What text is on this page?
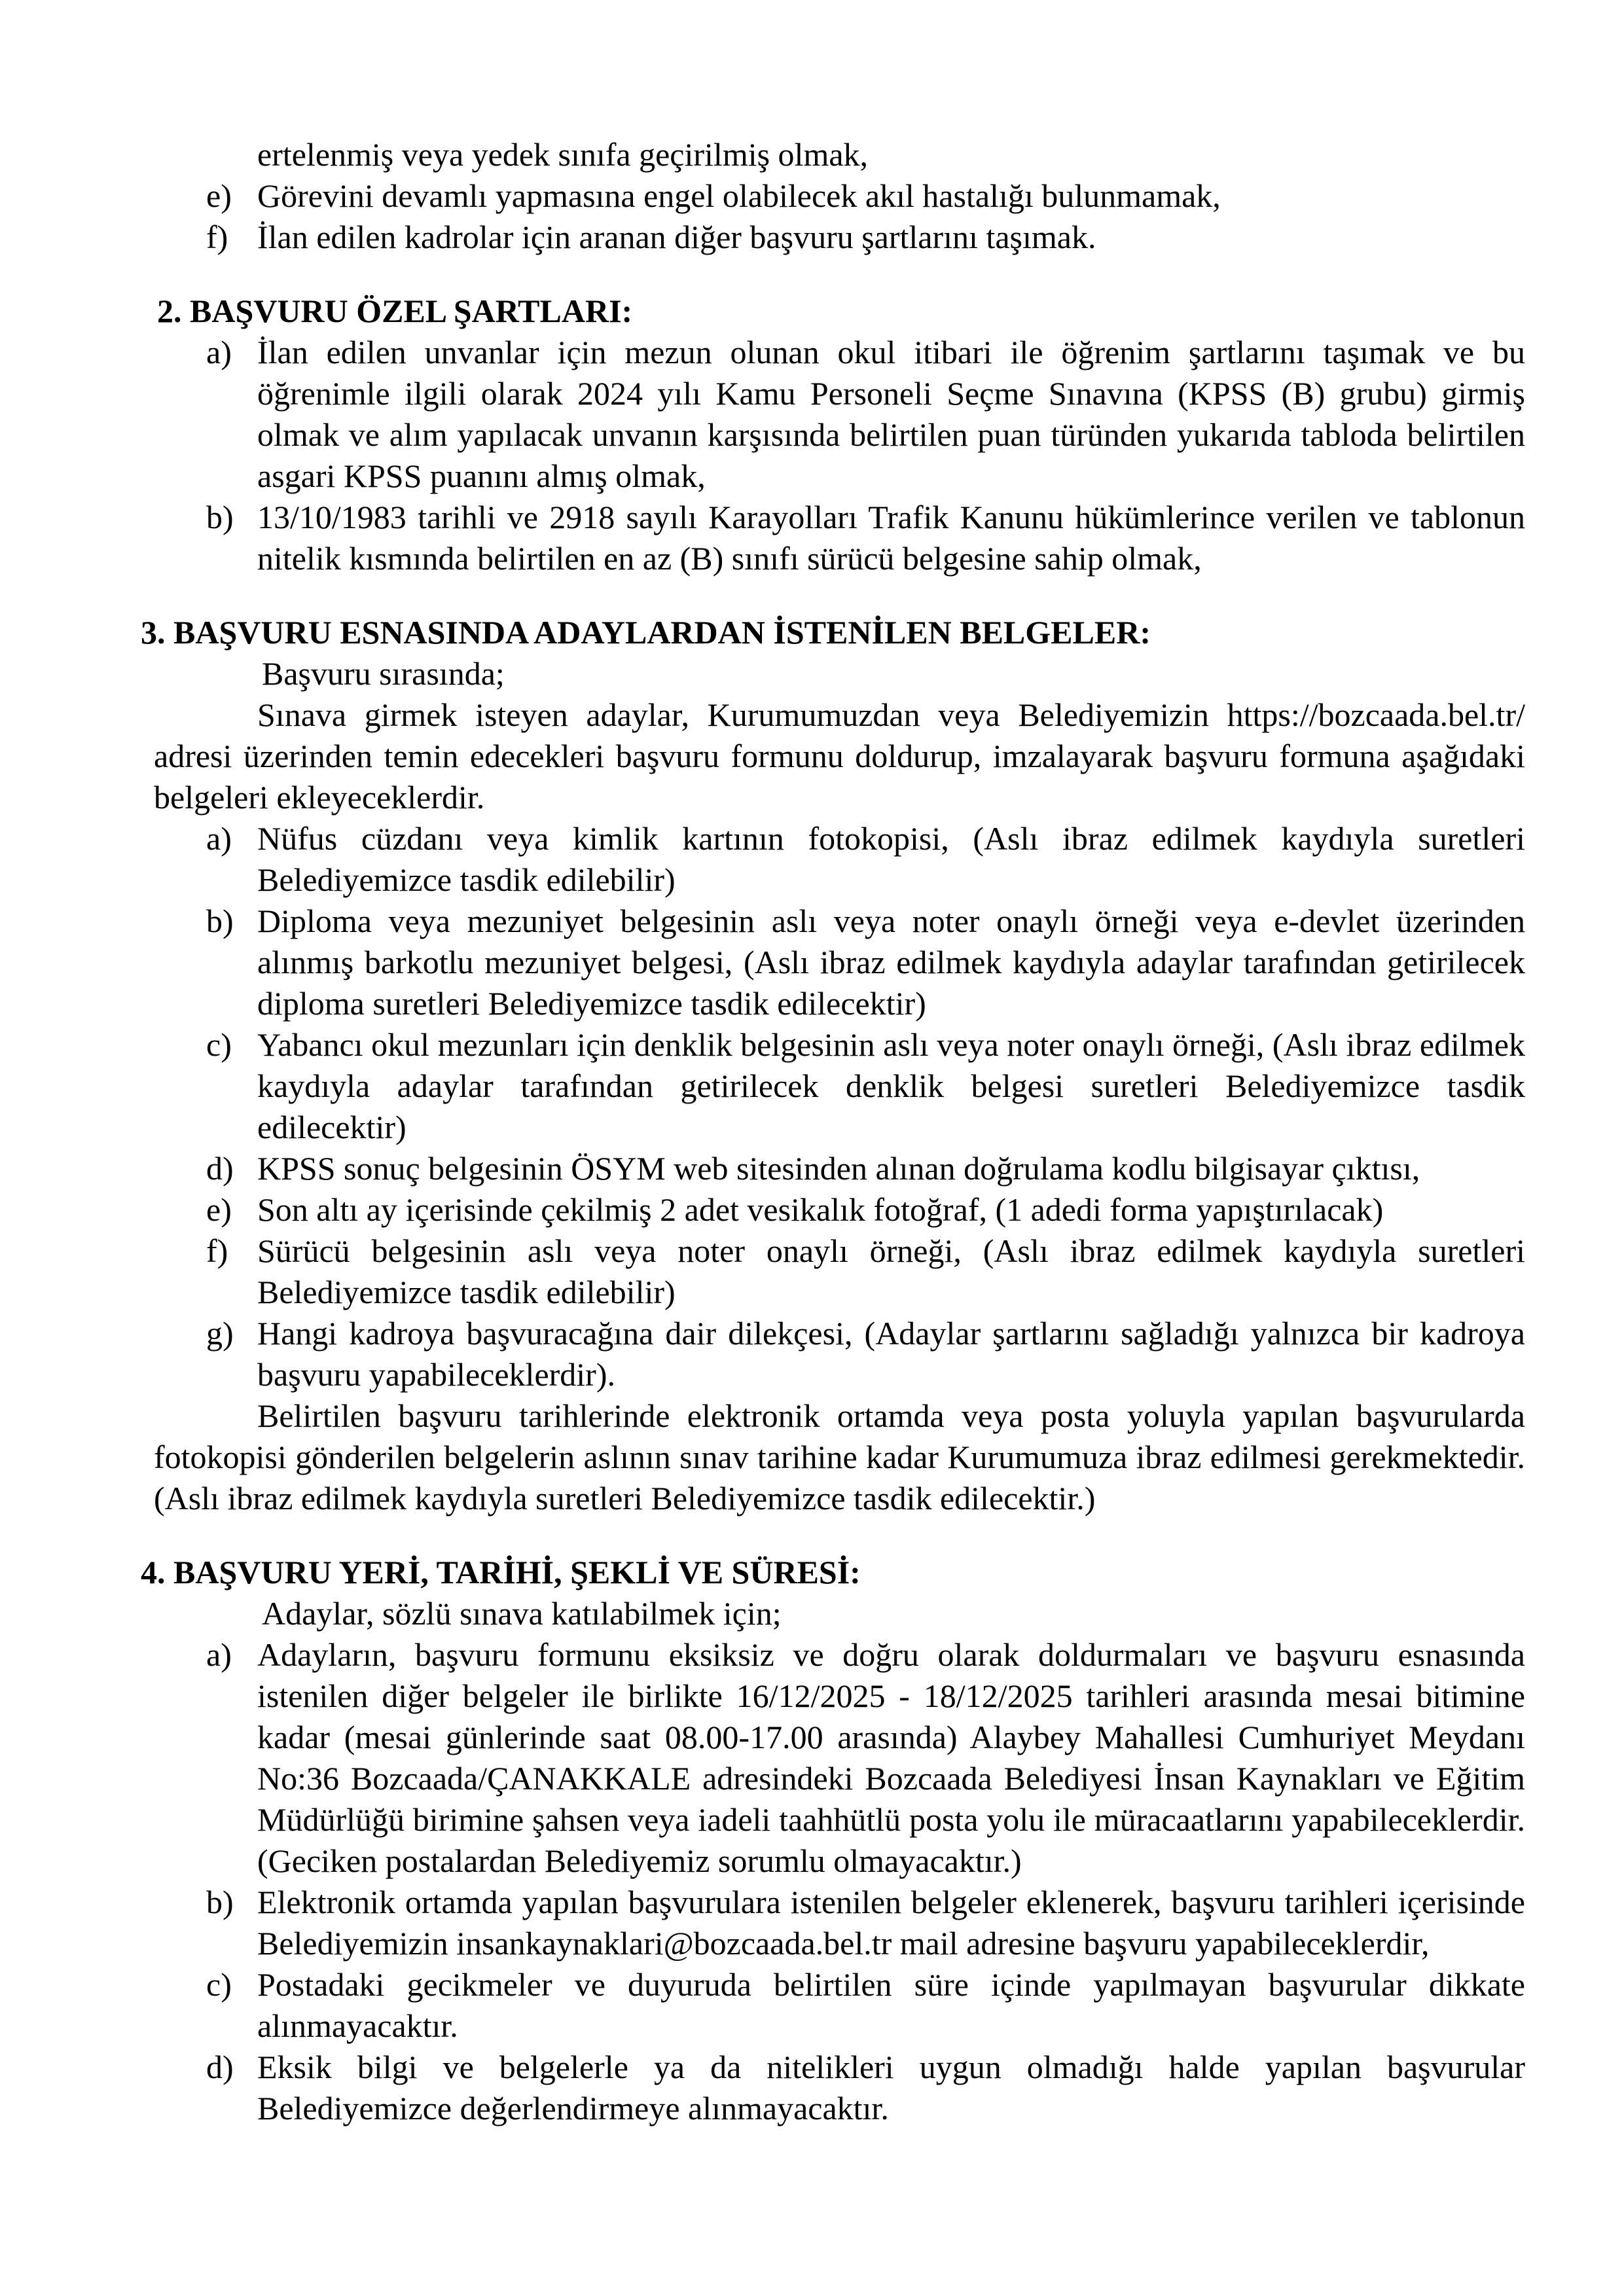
ertelenmiş veya yedek sınıfa geçirilmiş olmak,

e) Görevini devamlı yapmasına engel olabilecek akıl hastalığı bulunmamak,
f) İlan edilen kadrolar için aranan diğer başvuru şartlarını taşımak.

2. BAŞVURU ÖZEL ŞARTLARI:

a) İlan edilen unvanlar için mezun olunan okul itibari ile öğrenim şartlarını taşımak ve bu öğrenimle ilgili olarak 2024 yılı Kamu Personeli Seçme Sınavına (KPSS (B) grubu) girmiş olmak ve alım yapılacak unvanın karşısında belirtilen puan türünden yukarıda tabloda belirtilen asgari KPSS puanını almış olmak,
b) 13/10/1983 tarihli ve 2918 sayılı Karayolları Trafik Kanunu hükümlerince verilen ve tablonun nitelik kısmında belirtilen en az (B) sınıfı sürücü belgesine sahip olmak,

3. BAŞVURU ESNASINDA ADAYLARDAN İSTENİLEN BELGELER:

Başvuru sırasında;

Sınava girmek isteyen adaylar, Kurumumuzdan veya Belediyemizin https://bozcaada.bel.tr/ adresi üzerinden temin edecekleri başvuru formunu doldurup, imzalayarak başvuru formuna aşağıdaki belgeleri ekleyeceklerdir.

a) Nüfus cüzdanı veya kimlik kartının fotokopisi, (Aslı ibraz edilmek kaydıyla suretleri Belediyemizce tasdik edilebilir)
b) Diploma veya mezuniyet belgesinin aslı veya noter onaylı örneği veya e-devlet üzerinden alınmış barkotlu mezuniyet belgesi, (Aslı ibraz edilmek kaydıyla adaylar tarafından getirilecek diploma suretleri Belediyemizce tasdik edilecektir)
c) Yabancı okul mezunları için denklik belgesinin aslı veya noter onaylı örneği, (Aslı ibraz edilmek kaydıyla adaylar tarafından getirilecek denklik belgesi suretleri Belediyemizce tasdik edilecektir)
d) KPSS sonuç belgesinin ÖSYM web sitesinden alınan doğrulama kodlu bilgisayar çıktısı,
e) Son altı ay içerisinde çekilmiş 2 adet vesikalık fotoğraf, (1 adedi forma yapıştırılacak)
f) Sürücü belgesinin aslı veya noter onaylı örneği, (Aslı ibraz edilmek kaydıyla suretleri Belediyemizce tasdik edilebilir)
g) Hangi kadroya başvuracağına dair dilekçesi, (Adaylar şartlarını sağladığı yalnızca bir kadroya başvuru yapabileceklerdir).

Belirtilen başvuru tarihlerinde elektronik ortamda veya posta yoluyla yapılan başvurularda fotokopisi gönderilen belgelerin aslının sınav tarihine kadar Kurumumuza ibraz edilmesi gerekmektedir. (Aslı ibraz edilmek kaydıyla suretleri Belediyemizce tasdik edilecektir.)

4. BAŞVURU YERİ, TARİHİ, ŞEKLİ VE SÜRESİ:

Adaylar, sözlü sınava katılabilmek için;

a) Adayların, başvuru formunu eksiksiz ve doğru olarak doldurmaları ve başvuru esnasında istenilen diğer belgeler ile birlikte 16/12/2025 - 18/12/2025 tarihleri arasında mesai bitimine kadar (mesai günlerinde saat 08.00-17.00 arasında) Alaybey Mahallesi Cumhuriyet Meydanı No:36 Bozcaada/ÇANAKKALE adresindeki Bozcaada Belediyesi İnsan Kaynakları ve Eğitim Müdürlüğü birimine şahsen veya iadeli taahhütlü posta yolu ile müracaatlarını yapabileceklerdir. (Geciken postalardan Belediyemiz sorumlu olmayacaktır.)
b) Elektronik ortamda yapılan başvurulara istenilen belgeler eklenerek, başvuru tarihleri içerisinde Belediyemizin insankaynaklari@bozcaada.bel.tr mail adresine başvuru yapabileceklerdir,
c) Postadaki gecikmeler ve duyuruda belirtilen süre içinde yapılmayan başvurular dikkate alınmayacaktır.
d) Eksik bilgi ve belgelerle ya da nitelikleri uygun olmadığı halde yapılan başvurular Belediyemizce değerlendirmeye alınmayacaktır.
